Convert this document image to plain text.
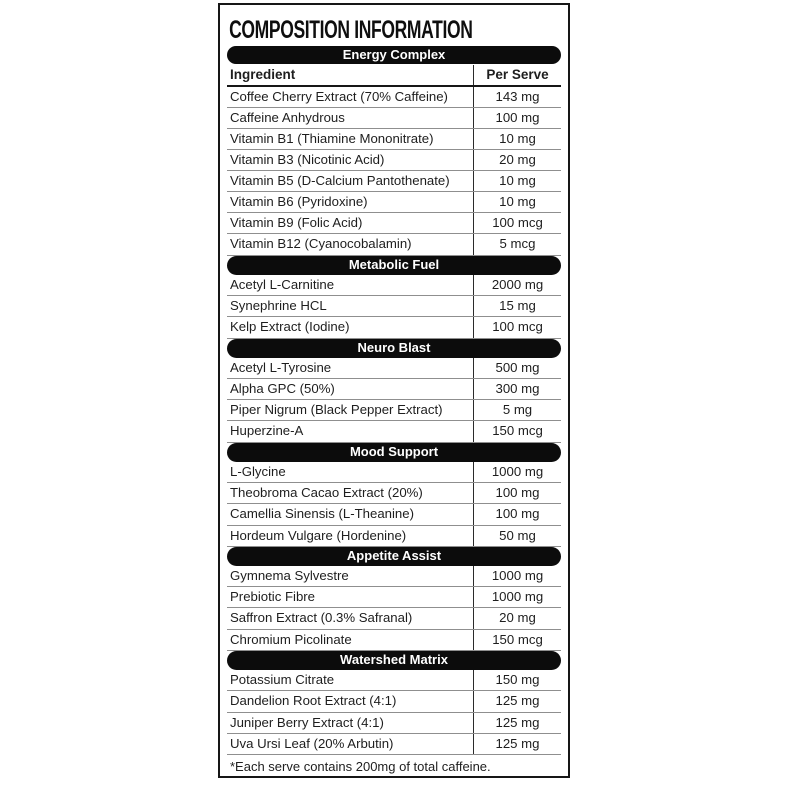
COMPOSITION INFORMATION
Energy Complex
Ingredient	Per Serve
Coffee Cherry Extract (70% Caffeine)	143 mg
Caffeine Anhydrous	100 mg
Vitamin B1 (Thiamine Mononitrate)	10 mg
Vitamin B3 (Nicotinic Acid)	20 mg
Vitamin B5 (D-Calcium Pantothenate)	10 mg
Vitamin B6 (Pyridoxine)	10 mg
Vitamin B9 (Folic Acid)	100 mcg
Vitamin B12 (Cyanocobalamin)	5 mcg
Metabolic Fuel
Acetyl L-Carnitine	2000 mg
Synephrine HCL	15 mg
Kelp Extract (Iodine)	100 mcg
Neuro Blast
Acetyl L-Tyrosine	500 mg
Alpha GPC (50%)	300 mg
Piper Nigrum (Black Pepper Extract)	5 mg
Huperzine-A	150 mcg
Mood Support
L-Glycine	1000 mg
Theobroma Cacao Extract (20%)	100 mg
Camellia Sinensis (L-Theanine)	100 mg
Hordeum Vulgare (Hordenine)	50 mg
Appetite Assist
Gymnema Sylvestre	1000 mg
Prebiotic Fibre	1000 mg
Saffron Extract (0.3% Safranal)	20 mg
Chromium Picolinate	150 mcg
Watershed Matrix
Potassium Citrate	150 mg
Dandelion Root Extract (4:1)	125 mg
Juniper Berry Extract (4:1)	125 mg
Uva Ursi Leaf (20% Arbutin)	125 mg
*Each serve contains 200mg of total caffeine.
